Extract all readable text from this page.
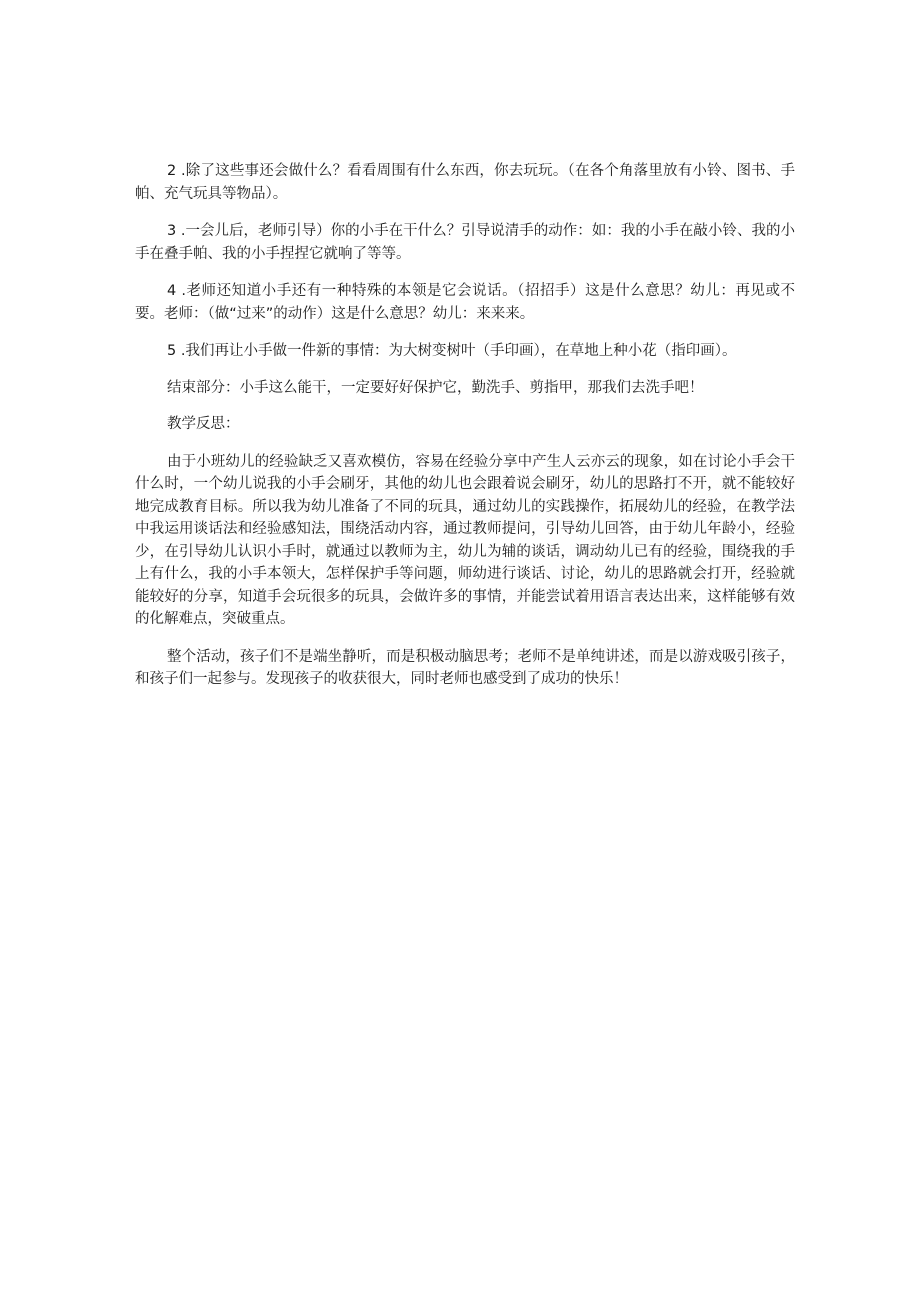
2 .除了这些事还会做什么？看看周围有什么东西，你去玩玩。（在各个角落里放有小铃、图书、手帕、充气玩具等物品）。

3 .一会儿后，老师引导）你的小手在干什么？引导说清手的动作：如：我的小手在敲小铃、我的小手在叠手帕、我的小手捏捏它就响了等等。

4 .老师还知道小手还有一种特殊的本领是它会说话。（招招手）这是什么意思？幼儿：再见或不要。老师：（做“过来”的动作）这是什么意思？幼儿：来来来。

5 .我们再让小手做一件新的事情：为大树变树叶（手印画），在草地上种小花（指印画）。

结束部分：小手这么能干，一定要好好保护它，勤洗手、剪指甲，那我们去洗手吧！

教学反思：

由于小班幼儿的经验缺乏又喜欢模仿，容易在经验分享中产生人云亦云的现象，如在讨论小手会干什么时，一个幼儿说我的小手会刷牙，其他的幼儿也会跟着说会刷牙，幼儿的思路打不开，就不能较好地完成教育目标。所以我为幼儿准备了不同的玩具，通过幼儿的实践操作，拓展幼儿的经验，在教学法中我运用谈话法和经验感知法，围绕活动内容，通过教师提问，引导幼儿回答，由于幼儿年龄小，经验少，在引导幼儿认识小手时，就通过以教师为主，幼儿为辅的谈话，调动幼儿已有的经验，围绕我的手上有什么，我的小手本领大，怎样保护手等问题，师幼进行谈话、讨论，幼儿的思路就会打开，经验就能较好的分享，知道手会玩很多的玩具，会做许多的事情，并能尝试着用语言表达出来，这样能够有效的化解难点，突破重点。

整个活动，孩子们不是端坐静听，而是积极动脑思考；老师不是单纯讲述，而是以游戏吸引孩子，和孩子们一起参与。发现孩子的收获很大，同时老师也感受到了成功的快乐！
